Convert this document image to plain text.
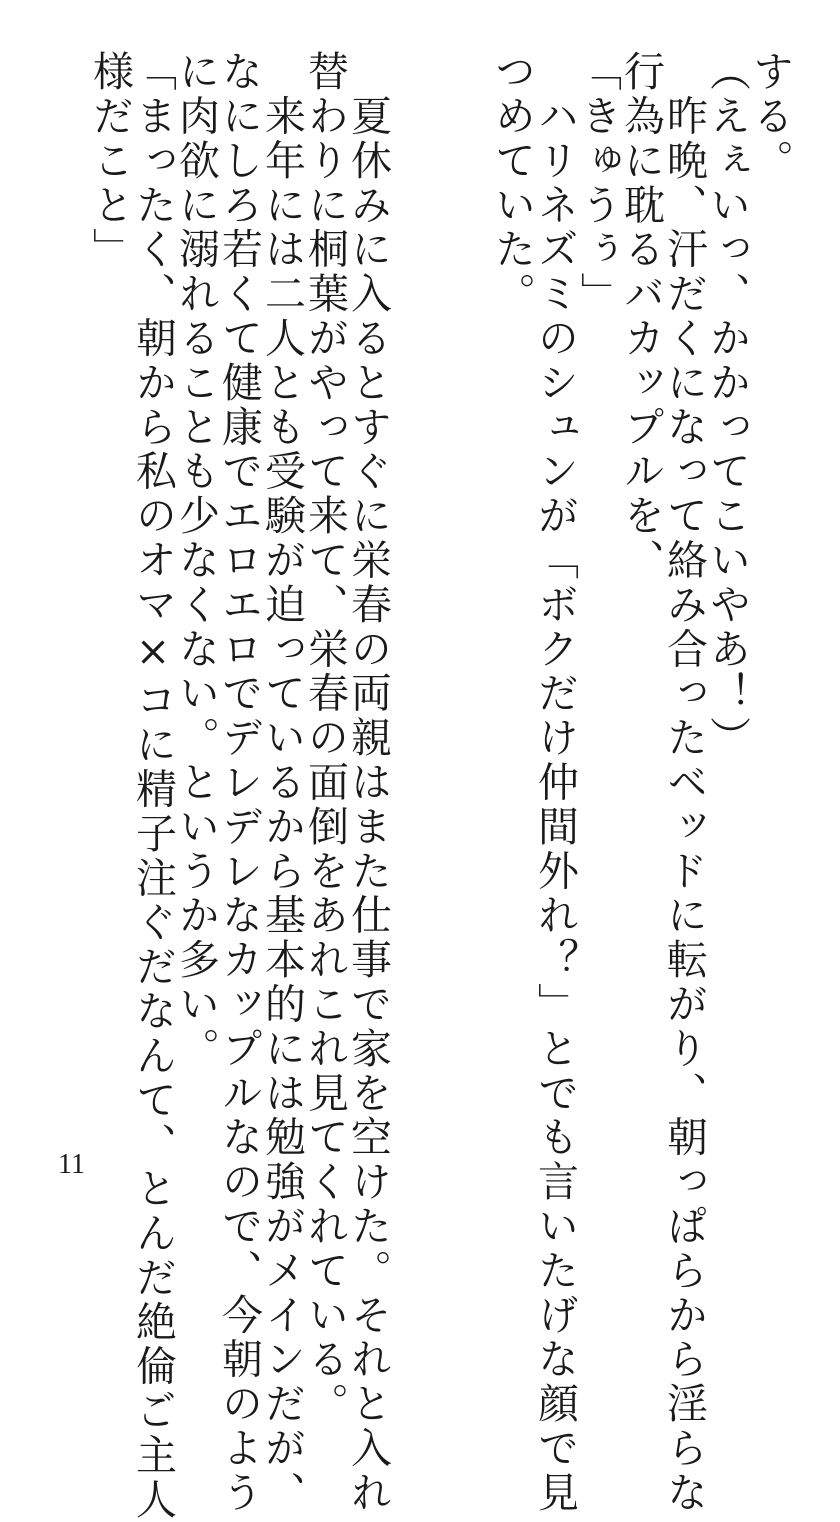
する。
（えぇいっ、かかってこいやあ！）
　昨晩、汗だくになって絡み合ったベッドに転がり、朝っぱらから淫らな
行為に耽るバカップルを、
「きゅうぅ」
　ハリネズミのシュンが「ボクだけ仲間外れ？」とでも言いたげな顔で見
つめていた。
　夏休みに入るとすぐに栄春の両親はまた仕事で家を空けた。それと入れ
替わりに桐葉がやって来て、栄春の面倒をあれこれ見てくれている。
　来年には二人とも受験が迫っているから基本的には勉強がメインだが、
なにしろ若くて健康でエロエロでデレデレなカップルなので、今朝のよう
に肉欲に溺れることも少なくない。というか多い。
「まったく、朝から私のオマ×コに精子注ぐだなんて、とんだ絶倫ご主人
様だこと」
11
